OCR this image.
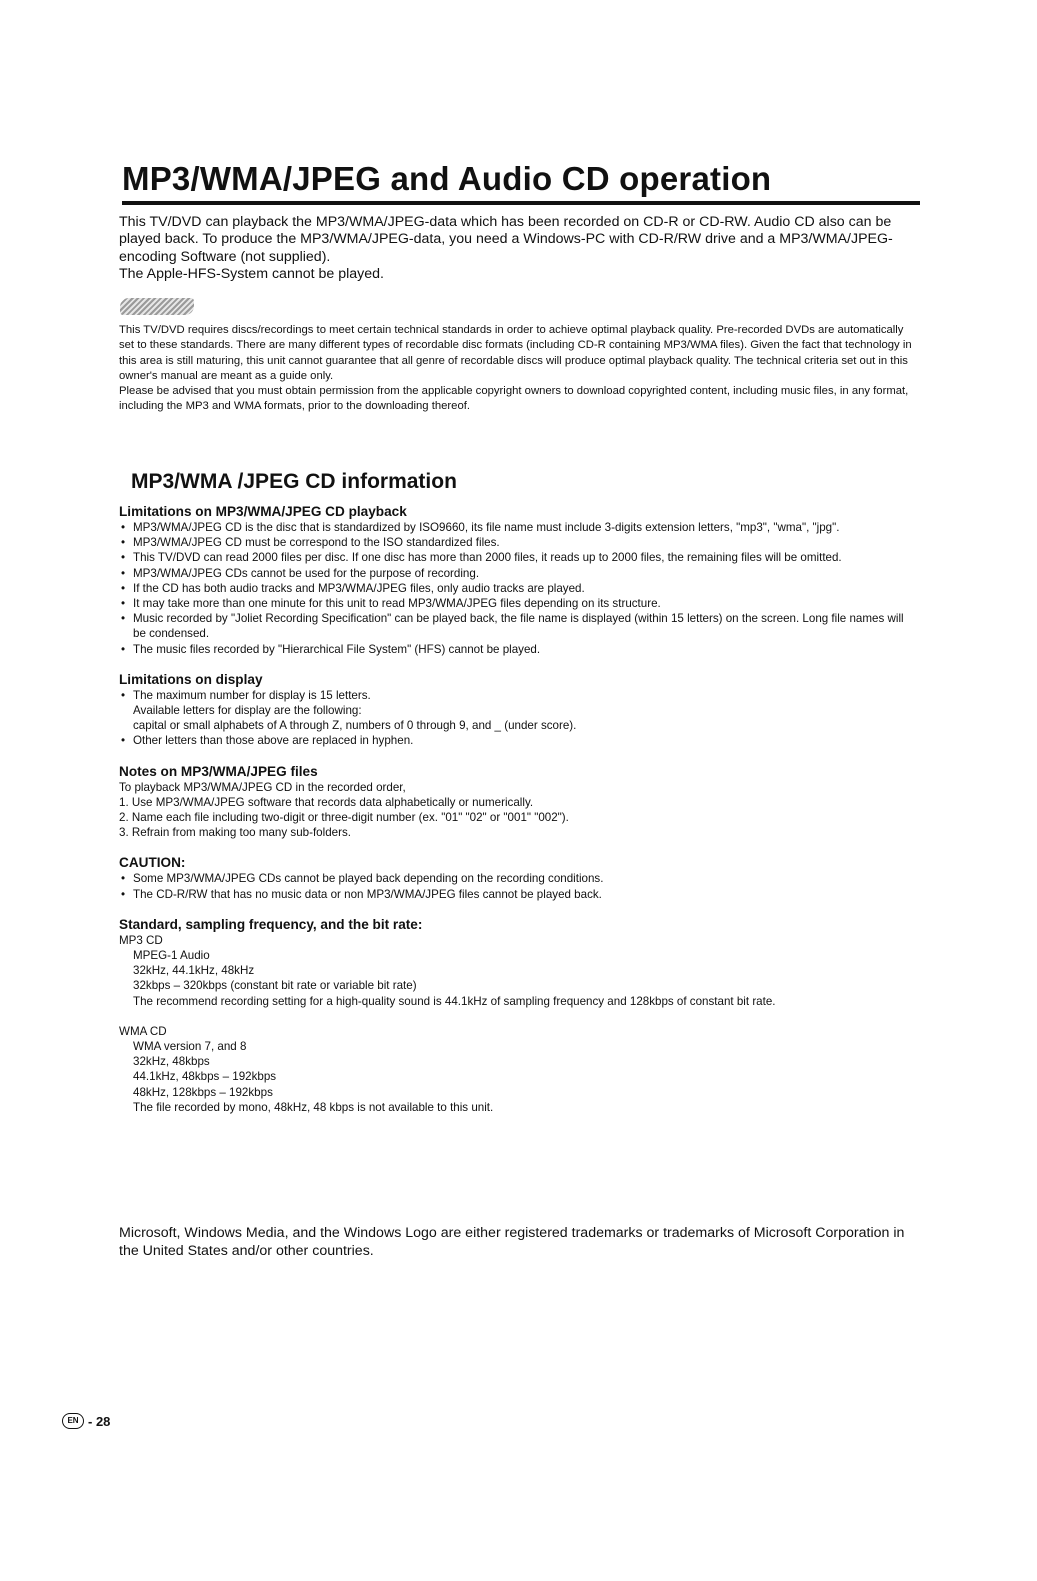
MP3/WMA/JPEG and Audio CD operation

This TV/DVD can playback the MP3/WMA/JPEG-data which has been recorded on CD-R or CD-RW. Audio CD also can be played back. To produce the MP3/WMA/JPEG-data, you need a Windows-PC with CD-R/RW drive and a MP3/WMA/JPEG-encoding Software (not supplied).

The Apple-HFS-System cannot be played.

This TV/DVD requires discs/recordings to meet certain technical standards in order to achieve optimal playback quality. Pre-recorded DVDs are automatically set to these standards. There are many different types of recordable disc formats (including CD-R containing MP3/WMA files). Given the fact that technology in this area is still maturing, this unit cannot guarantee that all genre of recordable discs will produce optimal playback quality. The technical criteria set out in this owner's manual are meant as a guide only.

Please be advised that you must obtain permission from the applicable copyright owners to download copyrighted content, including music files, in any format, including the MP3 and WMA formats, prior to the downloading thereof.

MP3/WMA /JPEG CD information
Limitations on MP3/WMA/JPEG CD playback
• MP3/WMA/JPEG CD is the disc that is standardized by ISO9660, its file name must include 3-digits extension letters, "mp3", "wma", "jpg".
• MP3/WMA/JPEG CD must be correspond to the ISO standardized files.
• This TV/DVD can read 2000 files per disc. If one disc has more than 2000 files, it reads up to 2000 files, the remaining files will be omitted.
• MP3/WMA/JPEG CDs cannot be used for the purpose of recording.
• If the CD has both audio tracks and MP3/WMA/JPEG files, only audio tracks are played.
• It may take more than one minute for this unit to read MP3/WMA/JPEG files depending on its structure.
• Music recorded by "Joliet Recording Specification" can be played back, the file name is displayed (within 15 letters) on the screen. Long file names will be condensed.
• The music files recorded by "Hierarchical File System" (HFS) cannot be played.
Limitations on display
• The maximum number for display is 15 letters.
Available letters for display are the following:
capital or small alphabets of A through Z, numbers of 0 through 9, and _ (under score).
• Other letters than those above are replaced in hyphen.
Notes on MP3/WMA/JPEG files

To playback MP3/WMA/JPEG CD in the recorded order,

1. Use MP3/WMA/JPEG software that records data alphabetically or numerically.

2. Name each file including two-digit or three-digit number (ex. "01" "02" or "001" "002").

3. Refrain from making too many sub-folders.

CAUTION:
• Some MP3/WMA/JPEG CDs cannot be played back depending on the recording conditions.
• The CD-R/RW that has no music data or non MP3/WMA/JPEG files cannot be played back.
Standard, sampling frequency, and the bit rate:

MP3 CD

MPEG-1 Audio

32kHz, 44.1kHz, 48kHz

32kbps – 320kbps (constant bit rate or variable bit rate)

The recommend recording setting for a high-quality sound is 44.1kHz of sampling frequency and 128kbps of constant bit rate.

WMA CD

WMA version 7, and 8

32kHz, 48kbps

44.1kHz, 48kbps – 192kbps

48kHz, 128kbps – 192kbps

The file recorded by mono, 48kHz, 48 kbps is not available to this unit.

Microsoft, Windows Media, and the Windows Logo are either registered trademarks or trademarks of Microsoft Corporation in the United States and/or other countries.

EN - 28
